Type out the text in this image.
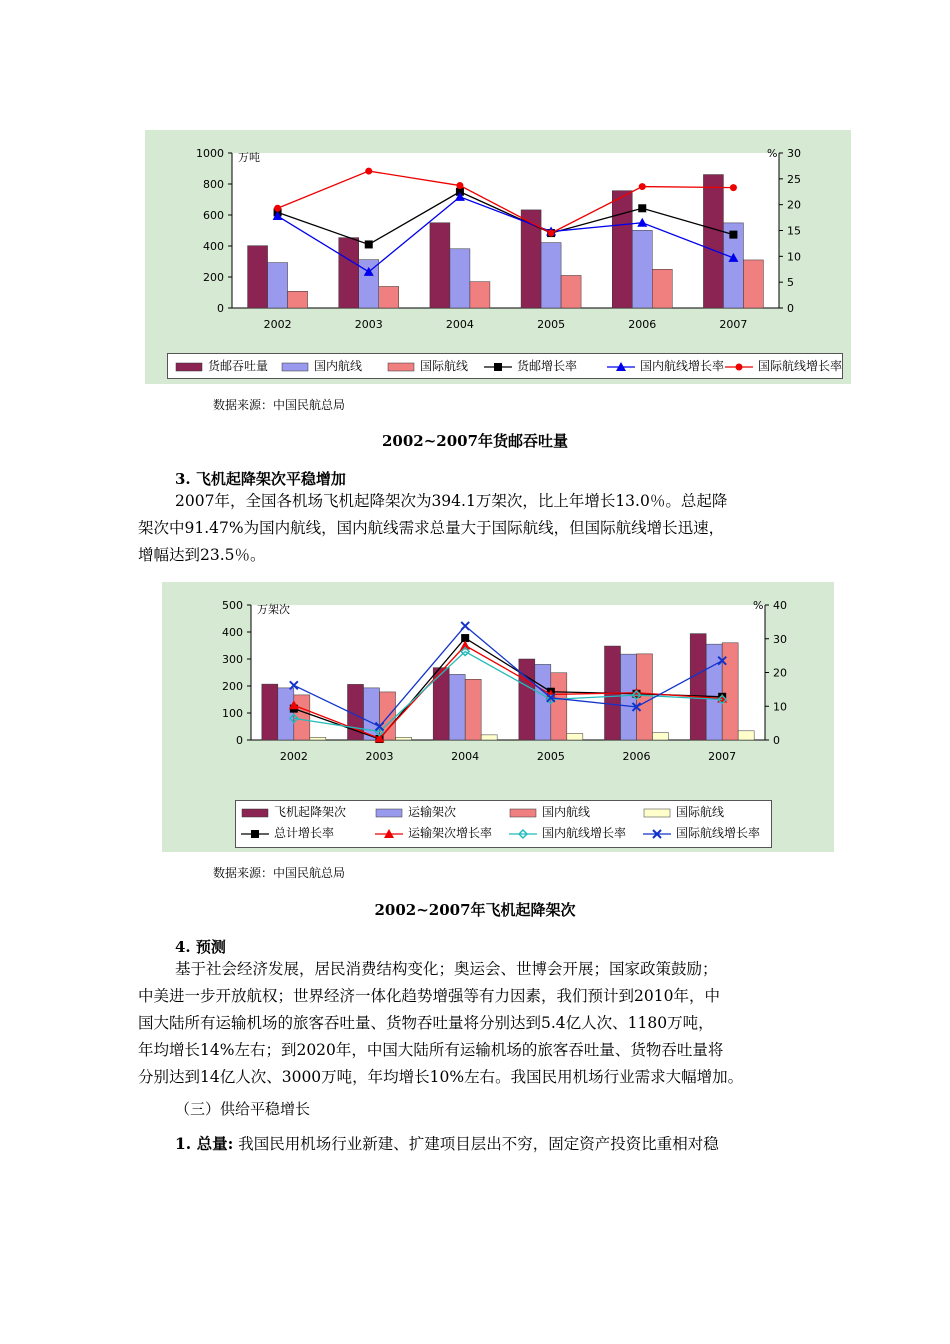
0
200
400
600
800
1000
0
5
10
15
20
25
30
万吨	%
2002	2003	2004	2005	2006	2007
货邮吞吐量	国内航线	国际航线	货邮增长率	国内航线增长率	国际航线增长率
数据来源：中国民航总局
2002~2007年货邮吞吐量
3. 飞机起降架次平稳增加
2007年，全国各机场飞机起降架次为394.1万架次，比上年增长13.0％。总起降
架次中91.47%为国内航线，国内航线需求总量大于国际航线，但国际航线增长迅速，
增幅达到23.5％。
0
100
200
300
400
500
0
10
20
30
40
万架次	%
2002	2003	2004	2005	2006	2007
飞机起降架次	运输架次	国内航线	国际航线
总计增长率	运输架次增长率	国内航线增长率	国际航线增长率
数据来源：中国民航总局
2002~2007年飞机起降架次
4. 预测
基于社会经济发展，居民消费结构变化；奥运会、世博会开展；国家政策鼓励；
中美进一步开放航权；世界经济一体化趋势增强等有力因素，我们预计到2010年，中
国大陆所有运输机场的旅客吞吐量、货物吞吐量将分别达到5.4亿人次、1180万吨，
年均增长14%左右；到2020年，中国大陆所有运输机场的旅客吞吐量、货物吞吐量将
分别达到14亿人次、3000万吨，年均增长10%左右。我国民用机场行业需求大幅增加。
（三）供给平稳增长
1. 总量: 我国民用机场行业新建、扩建项目层出不穷，固定资产投资比重相对稳
